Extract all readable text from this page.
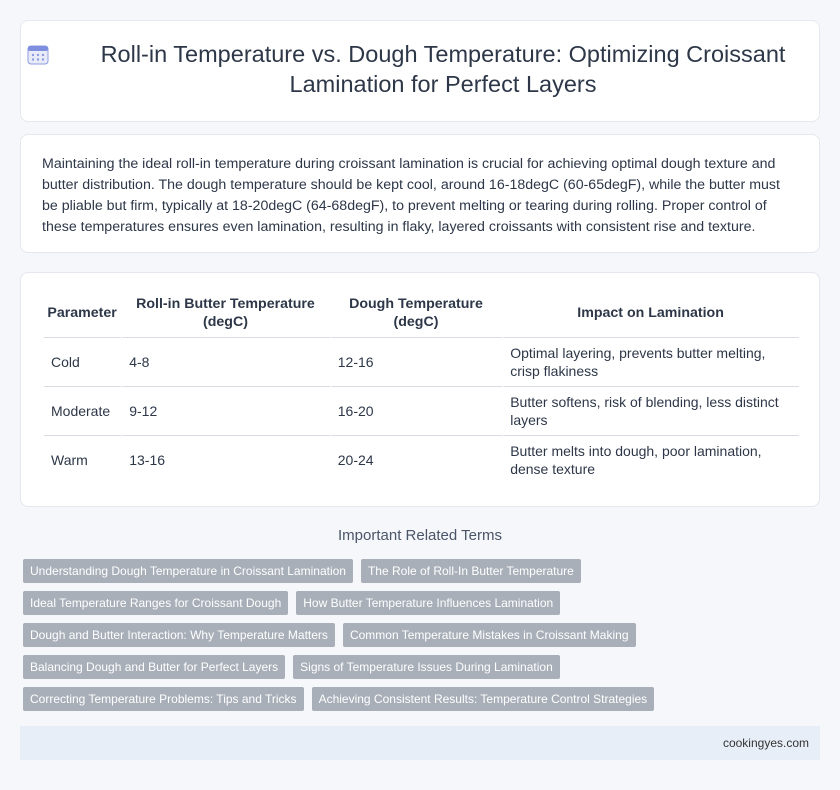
Roll-in Temperature vs. Dough Temperature: Optimizing Croissant Lamination for Perfect Layers

Maintaining the ideal roll-in temperature during croissant lamination is crucial for achieving optimal dough texture and butter distribution. The dough temperature should be kept cool, around 16-18degC (60-65degF), while the butter must be pliable but firm, typically at 18-20degC (64-68degF), to prevent melting or tearing during rolling. Proper control of these temperatures ensures even lamination, resulting in flaky, layered croissants with consistent rise and texture.

Parameter	Roll-in Butter Temperature (degC)	Dough Temperature (degC)	Impact on Lamination
Cold	4-8	12-16	Optimal layering, prevents butter melting, crisp flakiness
Moderate	9-12	16-20	Butter softens, risk of blending, less distinct layers
Warm	13-16	20-24	Butter melts into dough, poor lamination, dense texture
Important Related Terms
Understanding Dough Temperature in Croissant Lamination	The Role of Roll-In Butter Temperature
Ideal Temperature Ranges for Croissant Dough	How Butter Temperature Influences Lamination
Dough and Butter Interaction: Why Temperature Matters	Common Temperature Mistakes in Croissant Making
Balancing Dough and Butter for Perfect Layers	Signs of Temperature Issues During Lamination
Correcting Temperature Problems: Tips and Tricks	Achieving Consistent Results: Temperature Control Strategies
cookingyes.com
